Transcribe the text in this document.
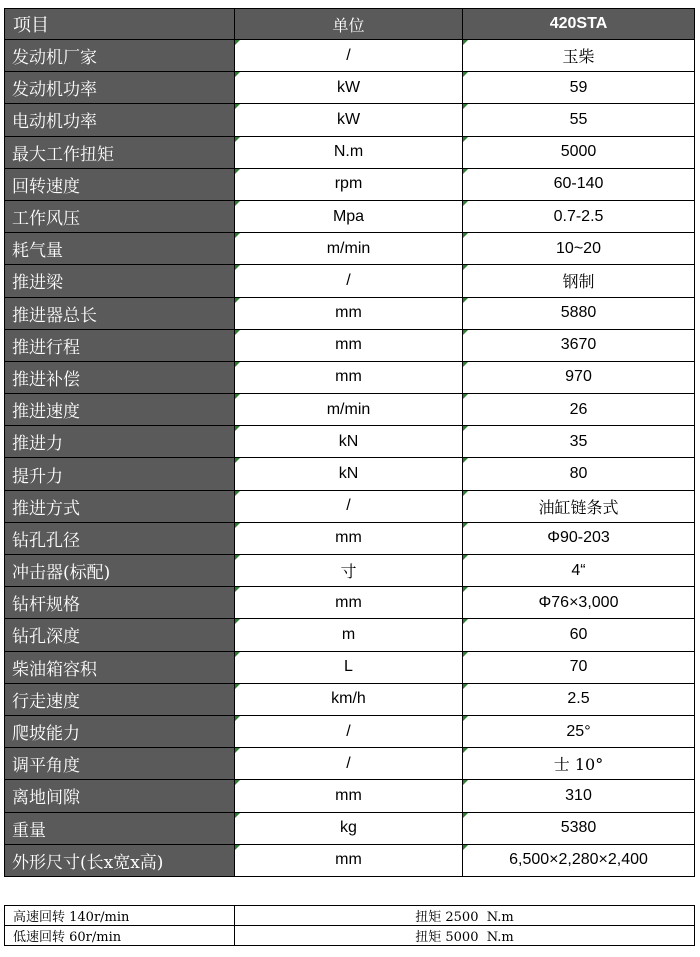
项目	单位	420STA
发动机厂家	/	玉柴
发动机功率	kW	59
电动机功率	kW	55
最大工作扭矩	N.m	5000
回转速度	rpm	60-140
工作风压	Mpa	0.7-2.5
耗气量	m/min	10~20
推进梁	/	钢制
推进器总长	mm	5880
推进行程	mm	3670
推进补偿	mm	970
推进速度	m/min	26
推进力	kN	35
提升力	kN	80
推进方式	/	油缸链条式
钻孔孔径	mm	Φ90-203
冲击器(标配)	寸	4“
钻杆规格	mm	Φ76×3,000
钻孔深度	m	60
柴油箱容积	L	70
行走速度	km/h	2.5
爬坡能力	/	25°
调平角度	/	士 10°
离地间隙	mm	310
重量	kg	5380
外形尺寸(长x宽x高)	mm	6,500×2,280×2,400
高速回转 140r/min	扭矩 2500  N.m
低速回转 60r/min	扭矩 5000  N.m
